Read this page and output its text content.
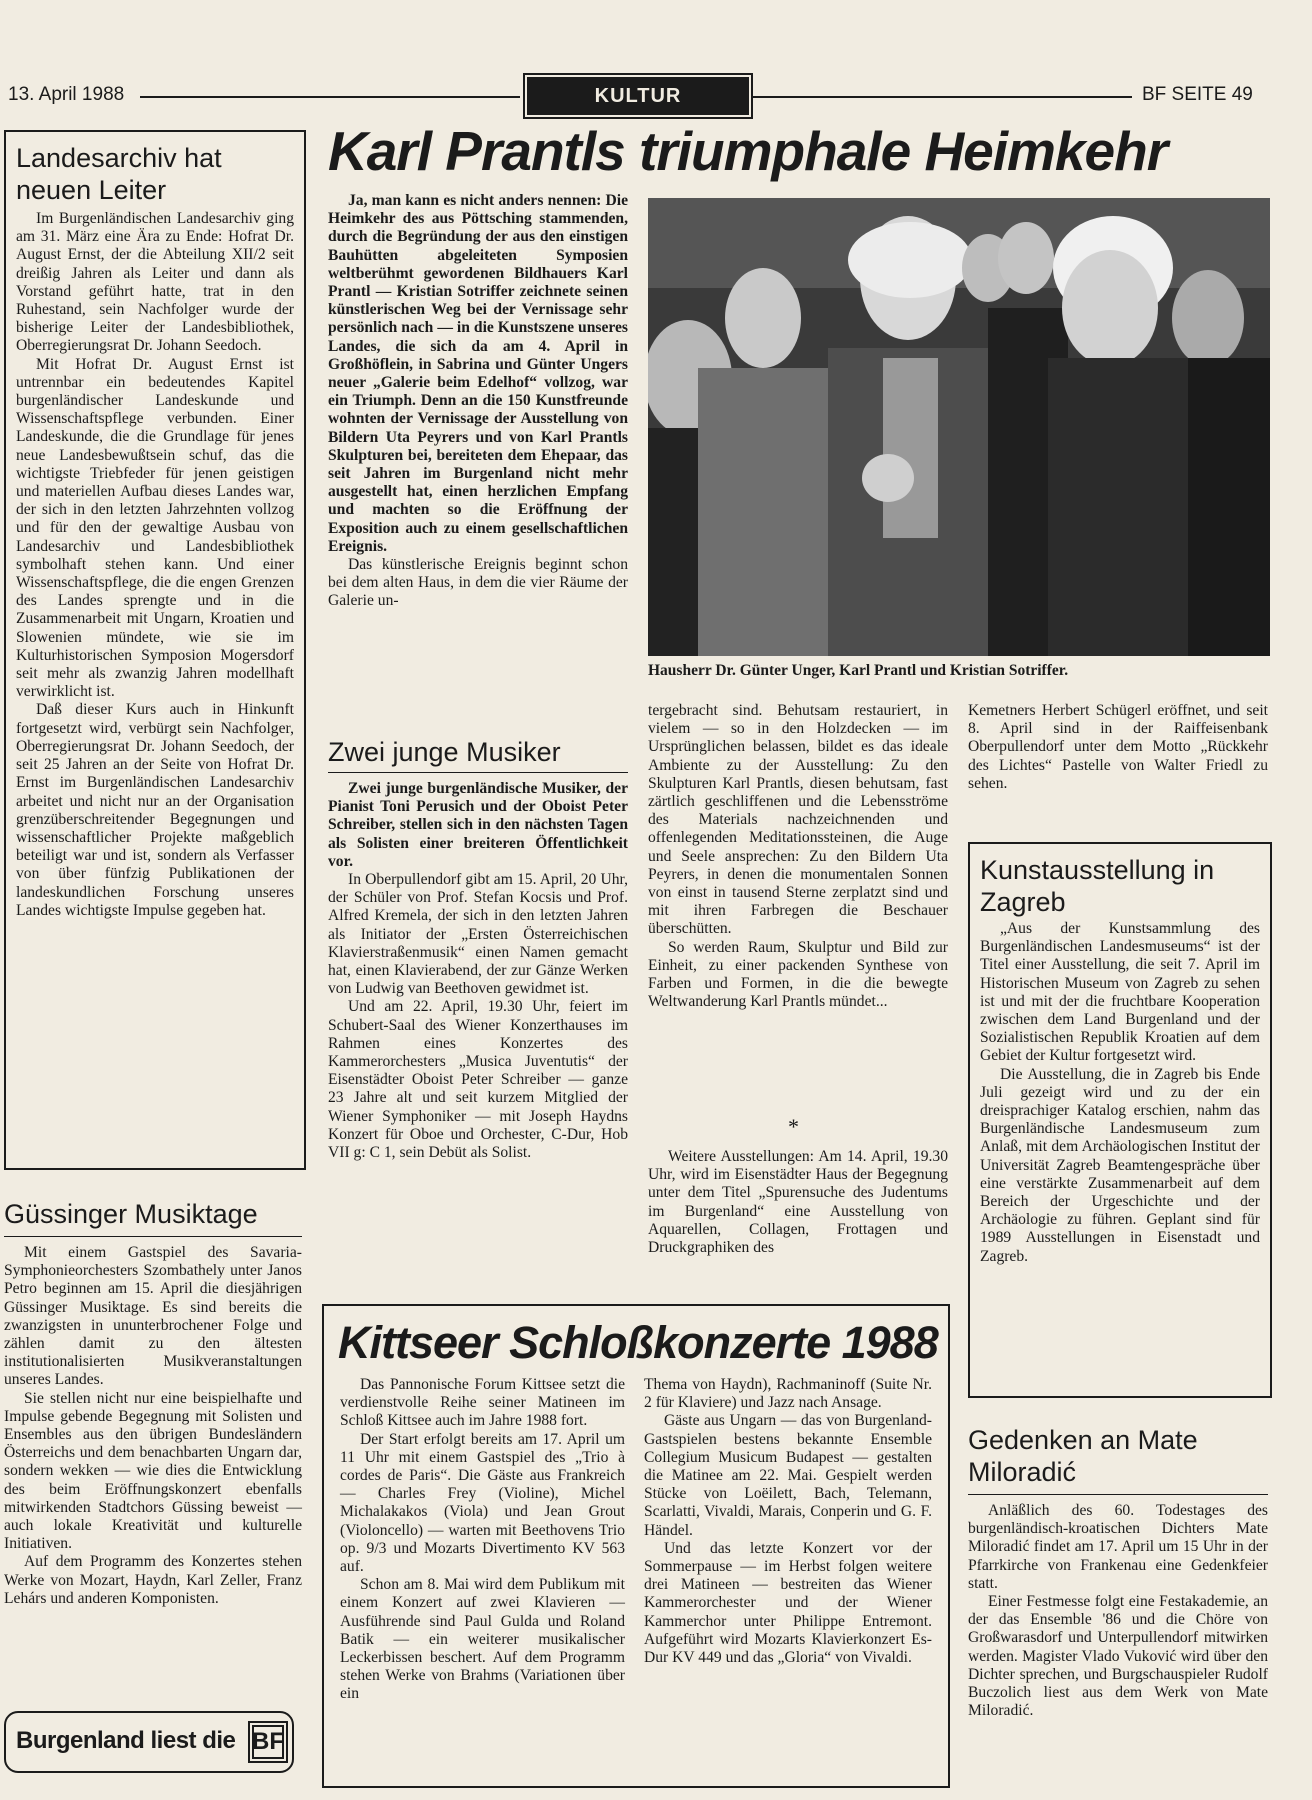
13. April 1988	KULTUR	BF SEITE 49
Landesarchiv hat neuen Leiter

Im Burgenländischen Landesarchiv ging am 31. März eine Ära zu Ende: Hofrat Dr. August Ernst, der die Abteilung XII/2 seit dreißig Jahren als Leiter und dann als Vorstand geführt hatte, trat in den Ruhestand, sein Nachfolger wurde der bisherige Leiter der Landesbibliothek, Oberregierungsrat Dr. Johann Seedoch.

Mit Hofrat Dr. August Ernst ist untrennbar ein bedeutendes Kapitel burgenländischer Landeskunde und Wissenschaftspflege verbunden. Einer Landeskunde, die die Grundlage für jenes neue Landesbewußtsein schuf, das die wichtigste Triebfeder für jenen geistigen und materiellen Aufbau dieses Landes war, der sich in den letzten Jahrzehnten vollzog und für den der gewaltige Ausbau von Landesarchiv und Landesbibliothek symbolhaft stehen kann. Und einer Wissenschaftspflege, die die engen Grenzen des Landes sprengte und in die Zusammenarbeit mit Ungarn, Kroatien und Slowenien mündete, wie sie im Kulturhistorischen Symposion Mogersdorf seit mehr als zwanzig Jahren modellhaft verwirklicht ist.

Daß dieser Kurs auch in Hinkunft fortgesetzt wird, verbürgt sein Nachfolger, Oberregierungsrat Dr. Johann Seedoch, der seit 25 Jahren an der Seite von Hofrat Dr. Ernst im Burgenländischen Landesarchiv arbeitet und nicht nur an der Organisation grenzüberschreitender Begegnungen und wissenschaftlicher Projekte maßgeblich beteiligt war und ist, sondern als Verfasser von über fünfzig Publikationen der landeskundlichen Forschung unseres Landes wichtigste Impulse gegeben hat.

Güssinger Musiktage

Mit einem Gastspiel des Savaria-Symphonieorchesters Szombathely unter Janos Petro beginnen am 15. April die diesjährigen Güssinger Musiktage. Es sind bereits die zwanzigsten in ununterbrochener Folge und zählen damit zu den ältesten institutionalisierten Musikveranstaltungen unseres Landes.

Sie stellen nicht nur eine beispielhafte und Impulse gebende Begegnung mit Solisten und Ensembles aus den übrigen Bundesländern Österreichs und dem benachbarten Ungarn dar, sondern wekken — wie dies die Entwicklung des beim Eröffnungskonzert ebenfalls mitwirkenden Stadtchors Güssing beweist — auch lokale Kreativität und kulturelle Initiativen.

Auf dem Programm des Konzertes stehen Werke von Mozart, Haydn, Karl Zeller, Franz Lehárs und anderen Komponisten.

Burgenland liest die BF
Karl Prantls triumphale Heimkehr

Ja, man kann es nicht anders nennen: Die Heimkehr des aus Pöttsching stammenden, durch die Begründung der aus den einstigen Bauhütten abgeleiteten Symposien weltberühmt gewordenen Bildhauers Karl Prantl — Kristian Sotriffer zeichnete seinen künstlerischen Weg bei der Vernissage sehr persönlich nach — in die Kunstszene unseres Landes, die sich da am 4. April in Großhöflein, in Sabrina und Günter Ungers neuer „Galerie beim Edelhof“ vollzog, war ein Triumph. Denn an die 150 Kunstfreunde wohnten der Vernissage der Ausstellung von Bildern Uta Peyrers und von Karl Prantls Skulpturen bei, bereiteten dem Ehepaar, das seit Jahren im Burgenland nicht mehr ausgestellt hat, einen herzlichen Empfang und machten so die Eröffnung der Exposition auch zu einem gesellschaftlichen Ereignis.

Das künstlerische Ereignis beginnt schon bei dem alten Haus, in dem die vier Räume der Galerie un-

Hausherr Dr. Günter Unger, Karl Prantl und Kristian Sotriffer.
Zwei junge Musiker

Zwei junge burgenländische Musiker, der Pianist Toni Perusich und der Oboist Peter Schreiber, stellen sich in den nächsten Tagen als Solisten einer breiteren Öffentlichkeit vor.

In Oberpullendorf gibt am 15. April, 20 Uhr, der Schüler von Prof. Stefan Kocsis und Prof. Alfred Kremela, der sich in den letzten Jahren als Initiator der „Ersten Österreichischen Klavierstraßenmusik“ einen Namen gemacht hat, einen Klavierabend, der zur Gänze Werken von Ludwig van Beethoven gewidmet ist.

Und am 22. April, 19.30 Uhr, feiert im Schubert-Saal des Wiener Konzerthauses im Rahmen eines Konzertes des Kammerorchesters „Musica Juventutis“ der Eisenstädter Oboist Peter Schreiber — ganze 23 Jahre alt und seit kurzem Mitglied der Wiener Symphoniker — mit Joseph Haydns Konzert für Oboe und Orchester, C-Dur, Hob VII g: C 1, sein Debüt als Solist.

tergebracht sind. Behutsam restauriert, in vielem — so in den Holzdecken — im Ursprünglichen belassen, bildet es das ideale Ambiente zu der Ausstellung: Zu den Skulpturen Karl Prantls, diesen behutsam, fast zärtlich geschliffenen und die Lebensströme des Materials nachzeichnenden und offenlegenden Meditationssteinen, die Auge und Seele ansprechen: Zu den Bildern Uta Peyrers, in denen die monumentalen Sonnen von einst in tausend Sterne zerplatzt sind und mit ihren Farbregen die Beschauer überschütten.

So werden Raum, Skulptur und Bild zur Einheit, zu einer packenden Synthese von Farben und Formen, in die die bewegte Weltwanderung Karl Prantls mündet...

*

Weitere Ausstellungen: Am 14. April, 19.30 Uhr, wird im Eisenstädter Haus der Begegnung unter dem Titel „Spurensuche des Judentums im Burgenland“ eine Ausstellung von Aquarellen, Collagen, Frottagen und Druckgraphiken des

Kemetners Herbert Schügerl eröffnet, und seit 8. April sind in der Raiffeisenbank Oberpullendorf unter dem Motto „Rückkehr des Lichtes“ Pastelle von Walter Friedl zu sehen.

Kunstausstellung in Zagreb

„Aus der Kunstsammlung des Burgenländischen Landesmuseums“ ist der Titel einer Ausstellung, die seit 7. April im Historischen Museum von Zagreb zu sehen ist und mit der die fruchtbare Kooperation zwischen dem Land Burgenland und der Sozialistischen Republik Kroatien auf dem Gebiet der Kultur fortgesetzt wird.

Die Ausstellung, die in Zagreb bis Ende Juli gezeigt wird und zu der ein dreisprachiger Katalog erschien, nahm das Burgenländische Landesmuseum zum Anlaß, mit dem Archäologischen Institut der Universität Zagreb Beamtengespräche über eine verstärkte Zusammenarbeit auf dem Bereich der Urgeschichte und der Archäologie zu führen. Geplant sind für 1989 Ausstellungen in Eisenstadt und Zagreb.

Gedenken an Mate Miloradić

Anläßlich des 60. Todestages des burgenländisch-kroatischen Dichters Mate Miloradić findet am 17. April um 15 Uhr in der Pfarrkirche von Frankenau eine Gedenkfeier statt.

Einer Festmesse folgt eine Festakademie, an der das Ensemble '86 und die Chöre von Großwarasdorf und Unterpullendorf mitwirken werden. Magister Vlado Vuković wird über den Dichter sprechen, und Burgschauspieler Rudolf Buczolich liest aus dem Werk von Mate Miloradić.

Kittseer Schloßkonzerte 1988

Das Pannonische Forum Kittsee setzt die verdienstvolle Reihe seiner Matineen im Schloß Kittsee auch im Jahre 1988 fort.

Der Start erfolgt bereits am 17. April um 11 Uhr mit einem Gastspiel des „Trio à cordes de Paris“. Die Gäste aus Frankreich — Charles Frey (Violine), Michel Michalakakos (Viola) und Jean Grout (Violoncello) — warten mit Beethovens Trio op. 9/3 und Mozarts Divertimento KV 563 auf.

Schon am 8. Mai wird dem Publikum mit einem Konzert auf zwei Klavieren — Ausführende sind Paul Gulda und Roland Batik — ein weiterer musikalischer Leckerbissen beschert. Auf dem Programm stehen Werke von Brahms (Variationen über ein

Thema von Haydn), Rachmaninoff (Suite Nr. 2 für Klaviere) und Jazz nach Ansage.

Gäste aus Ungarn — das von Burgenland-Gastspielen bestens bekannte Ensemble Collegium Musicum Budapest — gestalten die Matinee am 22. Mai. Gespielt werden Stücke von Loëilett, Bach, Telemann, Scarlatti, Vivaldi, Marais, Conperin und G. F. Händel.

Und das letzte Konzert vor der Sommerpause — im Herbst folgen weitere drei Matineen — bestreiten das Wiener Kammerorchester und der Wiener Kammerchor unter Philippe Entremont. Aufgeführt wird Mozarts Klavierkonzert Es-Dur KV 449 und das „Gloria“ von Vivaldi.
